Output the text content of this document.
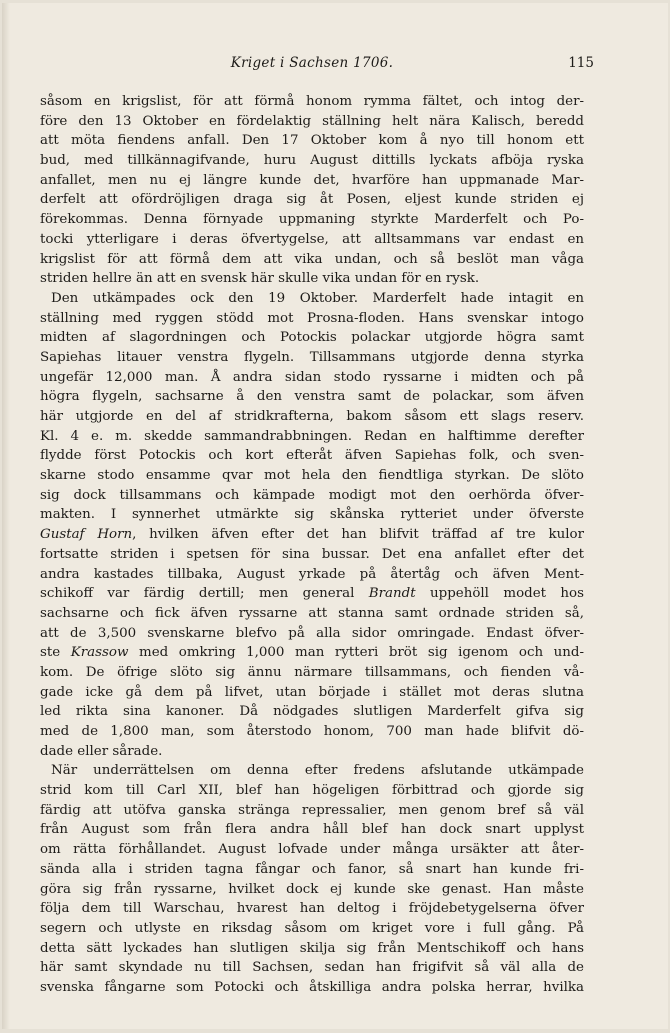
Kriget i Sachsen 1706.	115
såsom en krigslist, för att förmå honom rymma fältet, och intog der-
före den 13 Oktober en fördelaktig ställning helt nära Kalisch, beredd
att möta fiendens anfall. Den 17 Oktober kom å nyo till honom ett
bud, med tillkännagifvande, huru August dittills lyckats afböja ryska
anfallet, men nu ej längre kunde det, hvarföre han uppmanade Mar-
derfelt att ofördröjligen draga sig åt Posen, eljest kunde striden ej
förekommas. Denna förnyade uppmaning styrkte Marderfelt och Po-
tocki ytterligare i deras öfvertygelse, att alltsammans var endast en
krigslist för att förmå dem att vika undan, och så beslöt man våga
striden hellre än att en svensk här skulle vika undan för en rysk.
Den utkämpades ock den 19 Oktober. Marderfelt hade intagit en
ställning med ryggen stödd mot Prosna-floden. Hans svenskar intogo
midten af slagordningen och Potockis polackar utgjorde högra samt
Sapiehas litauer venstra flygeln. Tillsammans utgjorde denna styrka
ungefär 12,000 man. Å andra sidan stodo ryssarne i midten och på
högra flygeln, sachsarne å den venstra samt de polackar, som äfven
här utgjorde en del af stridkrafterna, bakom såsom ett slags reserv.
Kl. 4 e. m. skedde sammandrabbningen. Redan en halftimme derefter
flydde först Potockis och kort efteråt äfven Sapiehas folk, och sven-
skarne stodo ensamme qvar mot hela den fiendtliga styrkan. De slöto
sig dock tillsammans och kämpade modigt mot den oerhörda öfver-
makten. I synnerhet utmärkte sig skånska rytteriet under öfverste
Gustaf Horn, hvilken äfven efter det han blifvit träffad af tre kulor
fortsatte striden i spetsen för sina bussar. Det ena anfallet efter det
andra kastades tillbaka, August yrkade på återtåg och äfven Ment-
schikoff var färdig dertill; men general Brandt uppehöll modet hos
sachsarne och fick äfven ryssarne att stanna samt ordnade striden så,
att de 3,500 svenskarne blefvo på alla sidor omringade. Endast öfver-
ste Krassow med omkring 1,000 man rytteri bröt sig igenom och und-
kom. De öfrige slöto sig ännu närmare tillsammans, och fienden vå-
gade icke gå dem på lifvet, utan började i stället mot deras slutna
led rikta sina kanoner. Då nödgades slutligen Marderfelt gifva sig
med de 1,800 man, som återstodo honom, 700 man hade blifvit dö-
dade eller sårade.
När underrättelsen om denna efter fredens afslutande utkämpade
strid kom till Carl XII, blef han högeligen förbittrad och gjorde sig
färdig att utöfva ganska stränga repressalier, men genom bref så väl
från August som från flera andra håll blef han dock snart upplyst
om rätta förhållandet. August lofvade under många ursäkter att åter-
sända alla i striden tagna fångar och fanor, så snart han kunde fri-
göra sig från ryssarne, hvilket dock ej kunde ske genast. Han måste
följa dem till Warschau, hvarest han deltog i fröjdebetygelserna öfver
segern och utlyste en riksdag såsom om kriget vore i full gång. På
detta sätt lyckades han slutligen skilja sig från Mentschikoff och hans
här samt skyndade nu till Sachsen, sedan han frigifvit så väl alla de
svenska fångarne som Potocki och åtskilliga andra polska herrar, hvilka
